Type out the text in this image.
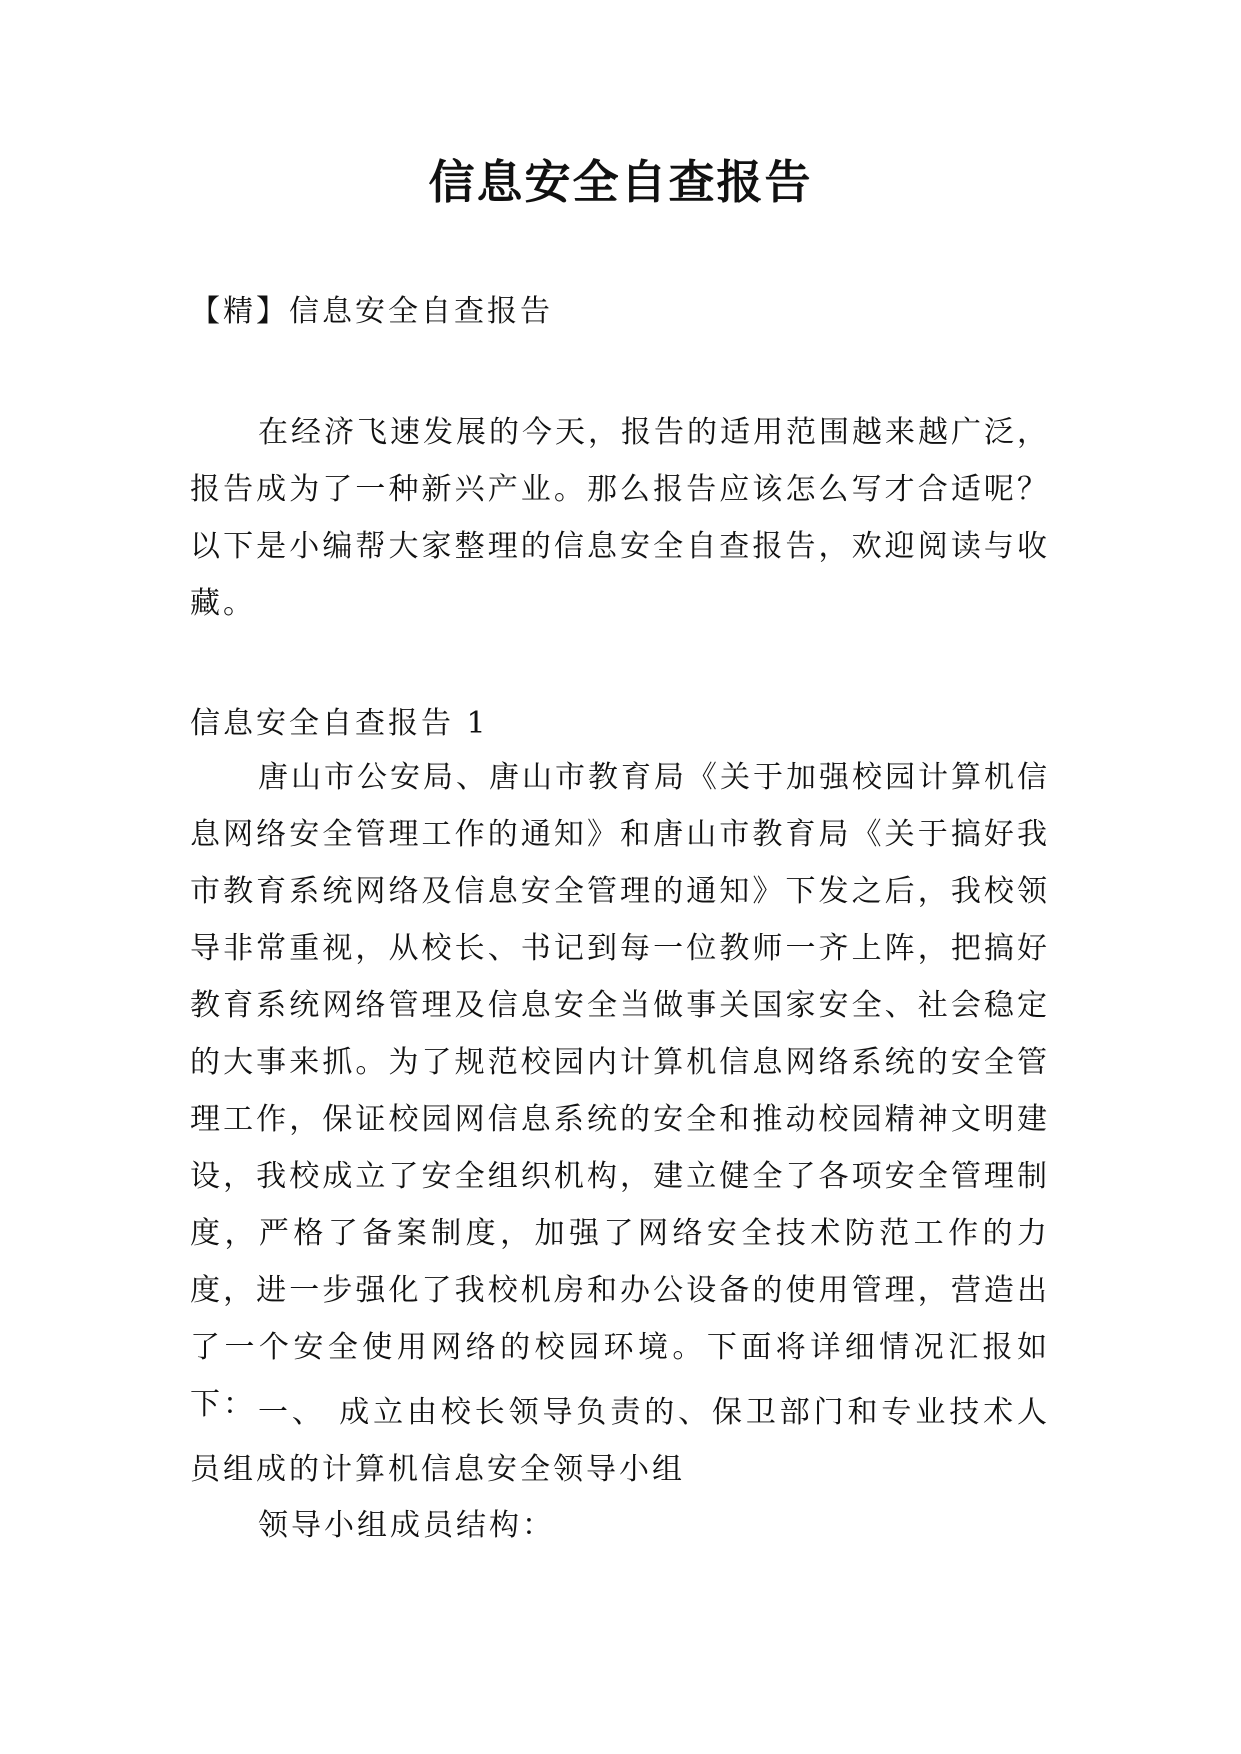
信息安全自查报告
【精】信息安全自查报告
在经济飞速发展的今天，报告的适用范围越来越广泛，报告成为了一种新兴产业。那么报告应该怎么写才合适呢？以下是小编帮大家整理的信息安全自查报告，欢迎阅读与收藏。
信息安全自查报告 1
唐山市公安局、唐山市教育局《关于加强校园计算机信息网络安全管理工作的通知》和唐山市教育局《关于搞好我市教育系统网络及信息安全管理的通知》下发之后，我校领导非常重视，从校长、书记到每一位教师一齐上阵，把搞好教育系统网络管理及信息安全当做事关国家安全、社会稳定的大事来抓。为了规范校园内计算机信息网络系统的安全管理工作，保证校园网信息系统的安全和推动校园精神文明建设，我校成立了安全组织机构，建立健全了各项安全管理制度，严格了备案制度，加强了网络安全技术防范工作的力度，进一步强化了我校机房和办公设备的使用管理，营造出了一个安全使用网络的校园环境。下面将详细情况汇报如下： 一、 成立由校长领导负责的、保卫部门和专业技术人员组成的计算机信息安全领导小组
领导小组成员结构：
